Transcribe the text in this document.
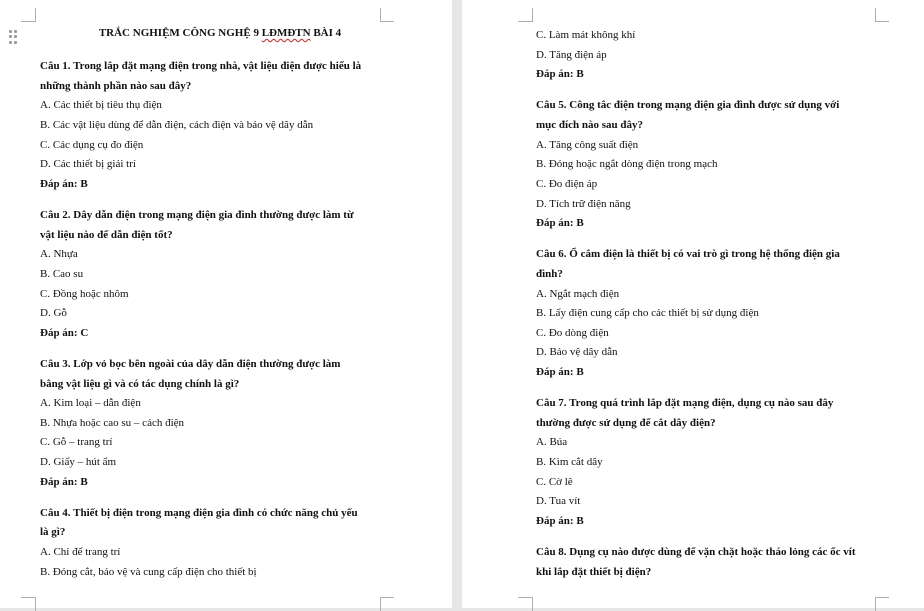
TRẮC NGHIỆM CÔNG NGHỆ 9 LĐMĐTN BÀI 4
Câu 1. Trong lắp đặt mạng điện trong nhà, vật liệu điện được hiểu là
những thành phần nào sau đây?
A. Các thiết bị tiêu thụ điện
B. Các vật liệu dùng để dẫn điện, cách điện và bảo vệ dây dẫn
C. Các dụng cụ đo điện
D. Các thiết bị giải trí
Đáp án: B
Câu 2. Dây dẫn điện trong mạng điện gia đình thường được làm từ
vật liệu nào để dẫn điện tốt?
A. Nhựa
B. Cao su
C. Đồng hoặc nhôm
D. Gỗ
Đáp án: C
Câu 3. Lớp vỏ bọc bên ngoài của dây dẫn điện thường được làm
bằng vật liệu gì và có tác dụng chính là gì?
A. Kim loại – dẫn điện
B. Nhựa hoặc cao su – cách điện
C. Gỗ – trang trí
D. Giấy – hút ẩm
Đáp án: B
Câu 4. Thiết bị điện trong mạng điện gia đình có chức năng chủ yếu
là gì?
A. Chỉ để trang trí
B. Đóng cắt, bảo vệ và cung cấp điện cho thiết bị
C. Làm mát không khí
D. Tăng điện áp
Đáp án: B
Câu 5. Công tắc điện trong mạng điện gia đình được sử dụng với
mục đích nào sau đây?
A. Tăng công suất điện
B. Đóng hoặc ngắt dòng điện trong mạch
C. Đo điện áp
D. Tích trữ điện năng
Đáp án: B
Câu 6. Ổ cắm điện là thiết bị có vai trò gì trong hệ thống điện gia
đình?
A. Ngắt mạch điện
B. Lấy điện cung cấp cho các thiết bị sử dụng điện
C. Đo dòng điện
D. Bảo vệ dây dẫn
Đáp án: B
Câu 7. Trong quá trình lắp đặt mạng điện, dụng cụ nào sau đây
thường được sử dụng để cắt dây điện?
A. Búa
B. Kìm cắt dây
C. Cờ lê
D. Tua vít
Đáp án: B
Câu 8. Dụng cụ nào được dùng để vặn chặt hoặc tháo lỏng các ốc vít
khi lắp đặt thiết bị điện?
